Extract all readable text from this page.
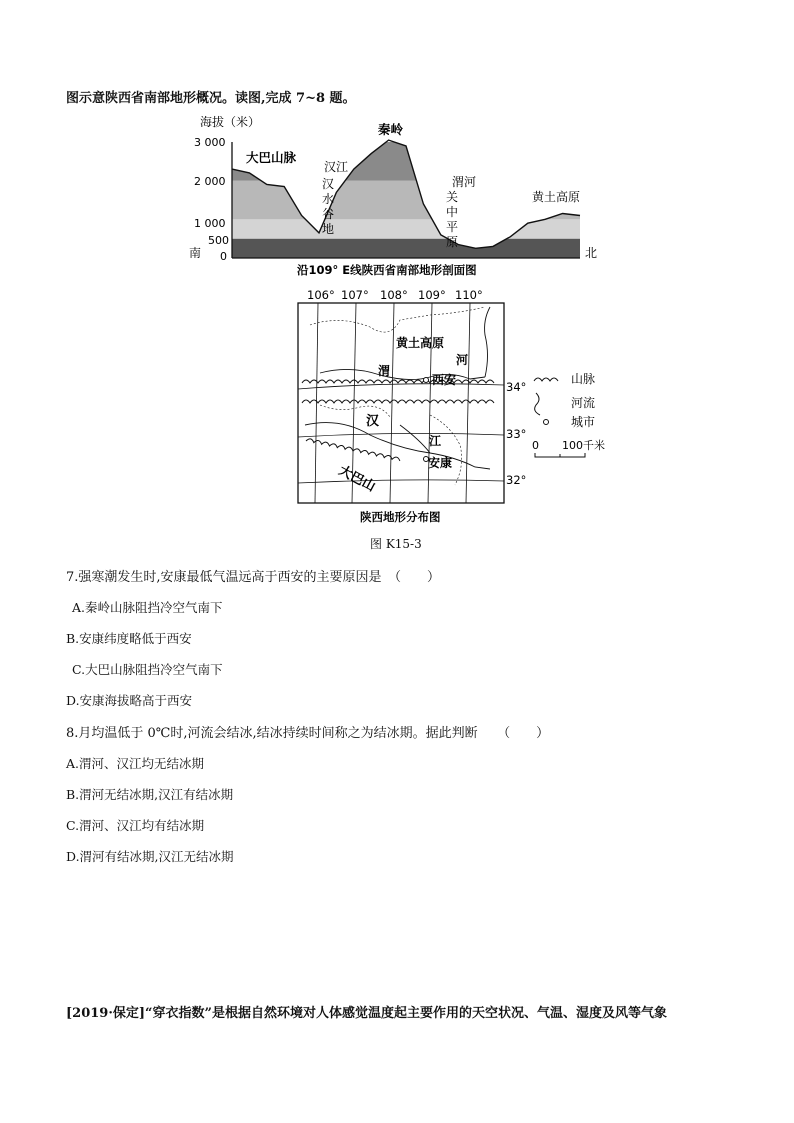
图示意陕西省南部地形概况。读图,完成 7~8 题。
海拔（米）
3 000
2 000
1 000
500
0
南	北
大巴山脉
秦岭
汉江
汉
水
谷
地
渭河
关
中
平
原
黄土高原
沿109° E线陕西省南部地形剖面图
106° 107° 108° 109° 110°
黄土高原
渭
河
西安
汉
江
安康
大巴山
34°
33°
32°
山脉
河流
城市
0 100千米
陕西地形分布图
图 K15-3
7.强寒潮发生时,安康最低气温远高于西安的主要原因是　（　　）
A.秦岭山脉阻挡冷空气南下
B.安康纬度略低于西安
C.大巴山脉阻挡冷空气南下
D.安康海拔略高于西安
8.月均温低于 0℃时,河流会结冰,结冰持续时间称之为结冰期。据此判断　　（　　）
A.渭河、汉江均无结冰期
B.渭河无结冰期,汉江有结冰期
C.渭河、汉江均有结冰期
D.渭河有结冰期,汉江无结冰期
[2019·保定]“穿衣指数”是根据自然环境对人体感觉温度起主要作用的天空状况、气温、湿度及风等气象
